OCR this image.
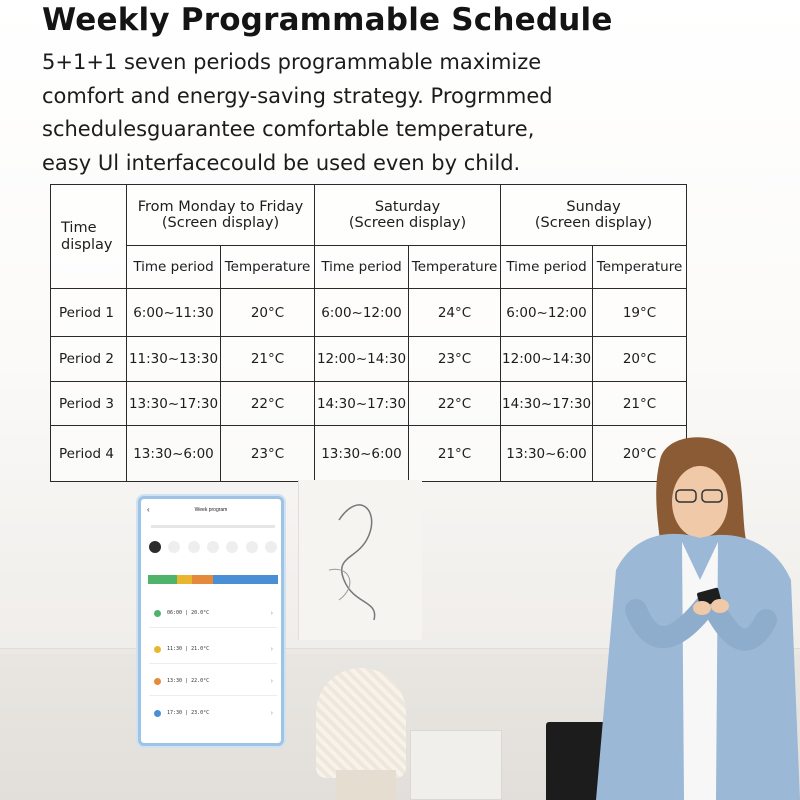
Weekly Programmable Schedule
5+1+1 seven periods programmable maximize
comfort and energy-saving strategy. Progrmmed
schedulesguarantee comfortable temperature,
easy Ul interfacecould be used even by child.
Time
display	From Monday to Friday
(Screen display)		Saturday
(Screen display)		Sunday
(Screen display)	

	Time period	Temperature	Time period	Temperature	Time period	Temperature
Period 1	6:00~11:30	20°C	6:00~12:00	24°C	6:00~12:00	19°C
Period 2	11:30~13:30	21°C	12:00~14:30	23°C	12:00~14:30	20°C
Period 3	13:30~17:30	22°C	14:30~17:30	22°C	14:30~17:30	21°C
Period 4	13:30~6:00	23°C	13:30~6:00	21°C	13:30~6:00	20°C
‹	Week program
06:00 | 20.0°C	›
11:30 | 21.0°C	›
13:30 | 22.0°C	›
17:30 | 23.0°C	›
